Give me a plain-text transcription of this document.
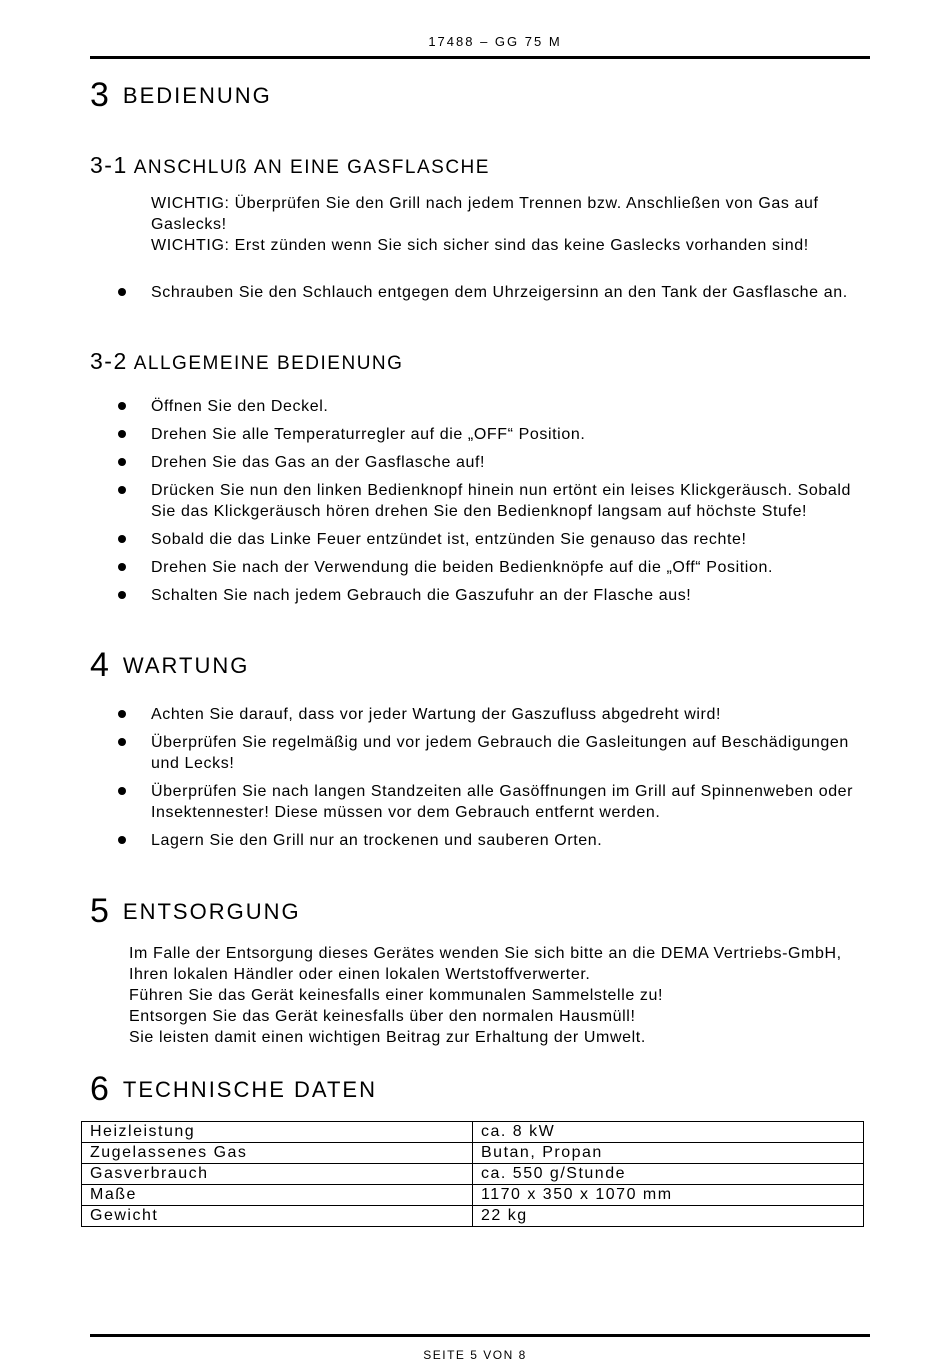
17488 – GG 75 M
3 BEDIENUNG
3-1 ANSCHLUß AN EINE GASFLASCHE
WICHTIG: Überprüfen Sie den Grill nach jedem Trennen bzw. Anschließen von Gas auf Gaslecks!
WICHTIG: Erst zünden wenn Sie sich sicher sind das keine Gaslecks vorhanden sind!
Schrauben Sie den Schlauch entgegen dem Uhrzeigersinn an den Tank der Gasflasche an.
3-2 ALLGEMEINE BEDIENUNG
Öffnen Sie den Deckel.
Drehen Sie alle Temperaturregler auf die „OFF“ Position.
Drehen Sie das Gas an der Gasflasche auf!
Drücken Sie nun den linken Bedienknopf hinein nun ertönt ein leises Klickgeräusch. Sobald Sie das Klickgeräusch hören drehen Sie den Bedienknopf langsam auf höchste Stufe!
Sobald die das Linke Feuer entzündet ist, entzünden Sie genauso das rechte!
Drehen Sie nach der Verwendung die beiden Bedienknöpfe auf die „Off“ Position.
Schalten Sie nach jedem Gebrauch die Gaszufuhr an der Flasche aus!
4 WARTUNG
Achten Sie darauf, dass vor jeder Wartung der Gaszufluss abgedreht wird!
Überprüfen Sie regelmäßig und vor jedem Gebrauch die Gasleitungen auf Beschädigungen und Lecks!
Überprüfen Sie nach langen Standzeiten alle Gasöffnungen im Grill auf Spinnenweben oder Insektennester! Diese müssen vor dem Gebrauch entfernt werden.
Lagern Sie den Grill nur an trockenen und sauberen Orten.
5 ENTSORGUNG
Im Falle der Entsorgung dieses Gerätes wenden Sie sich bitte an die DEMA Vertriebs-GmbH, Ihren lokalen Händler oder einen lokalen Wertstoffverwerter.
Führen Sie das Gerät keinesfalls einer kommunalen Sammelstelle zu!
Entsorgen Sie das Gerät keinesfalls über den normalen Hausmüll!
Sie leisten damit einen wichtigen Beitrag zur Erhaltung der Umwelt.
6 TECHNISCHE DATEN
Heizleistung	ca. 8 kW
Zugelassenes Gas	Butan, Propan
Gasverbrauch	ca. 550 g/Stunde
Maße	1170 x 350 x 1070 mm
Gewicht	22 kg
SEITE 5 VON 8
